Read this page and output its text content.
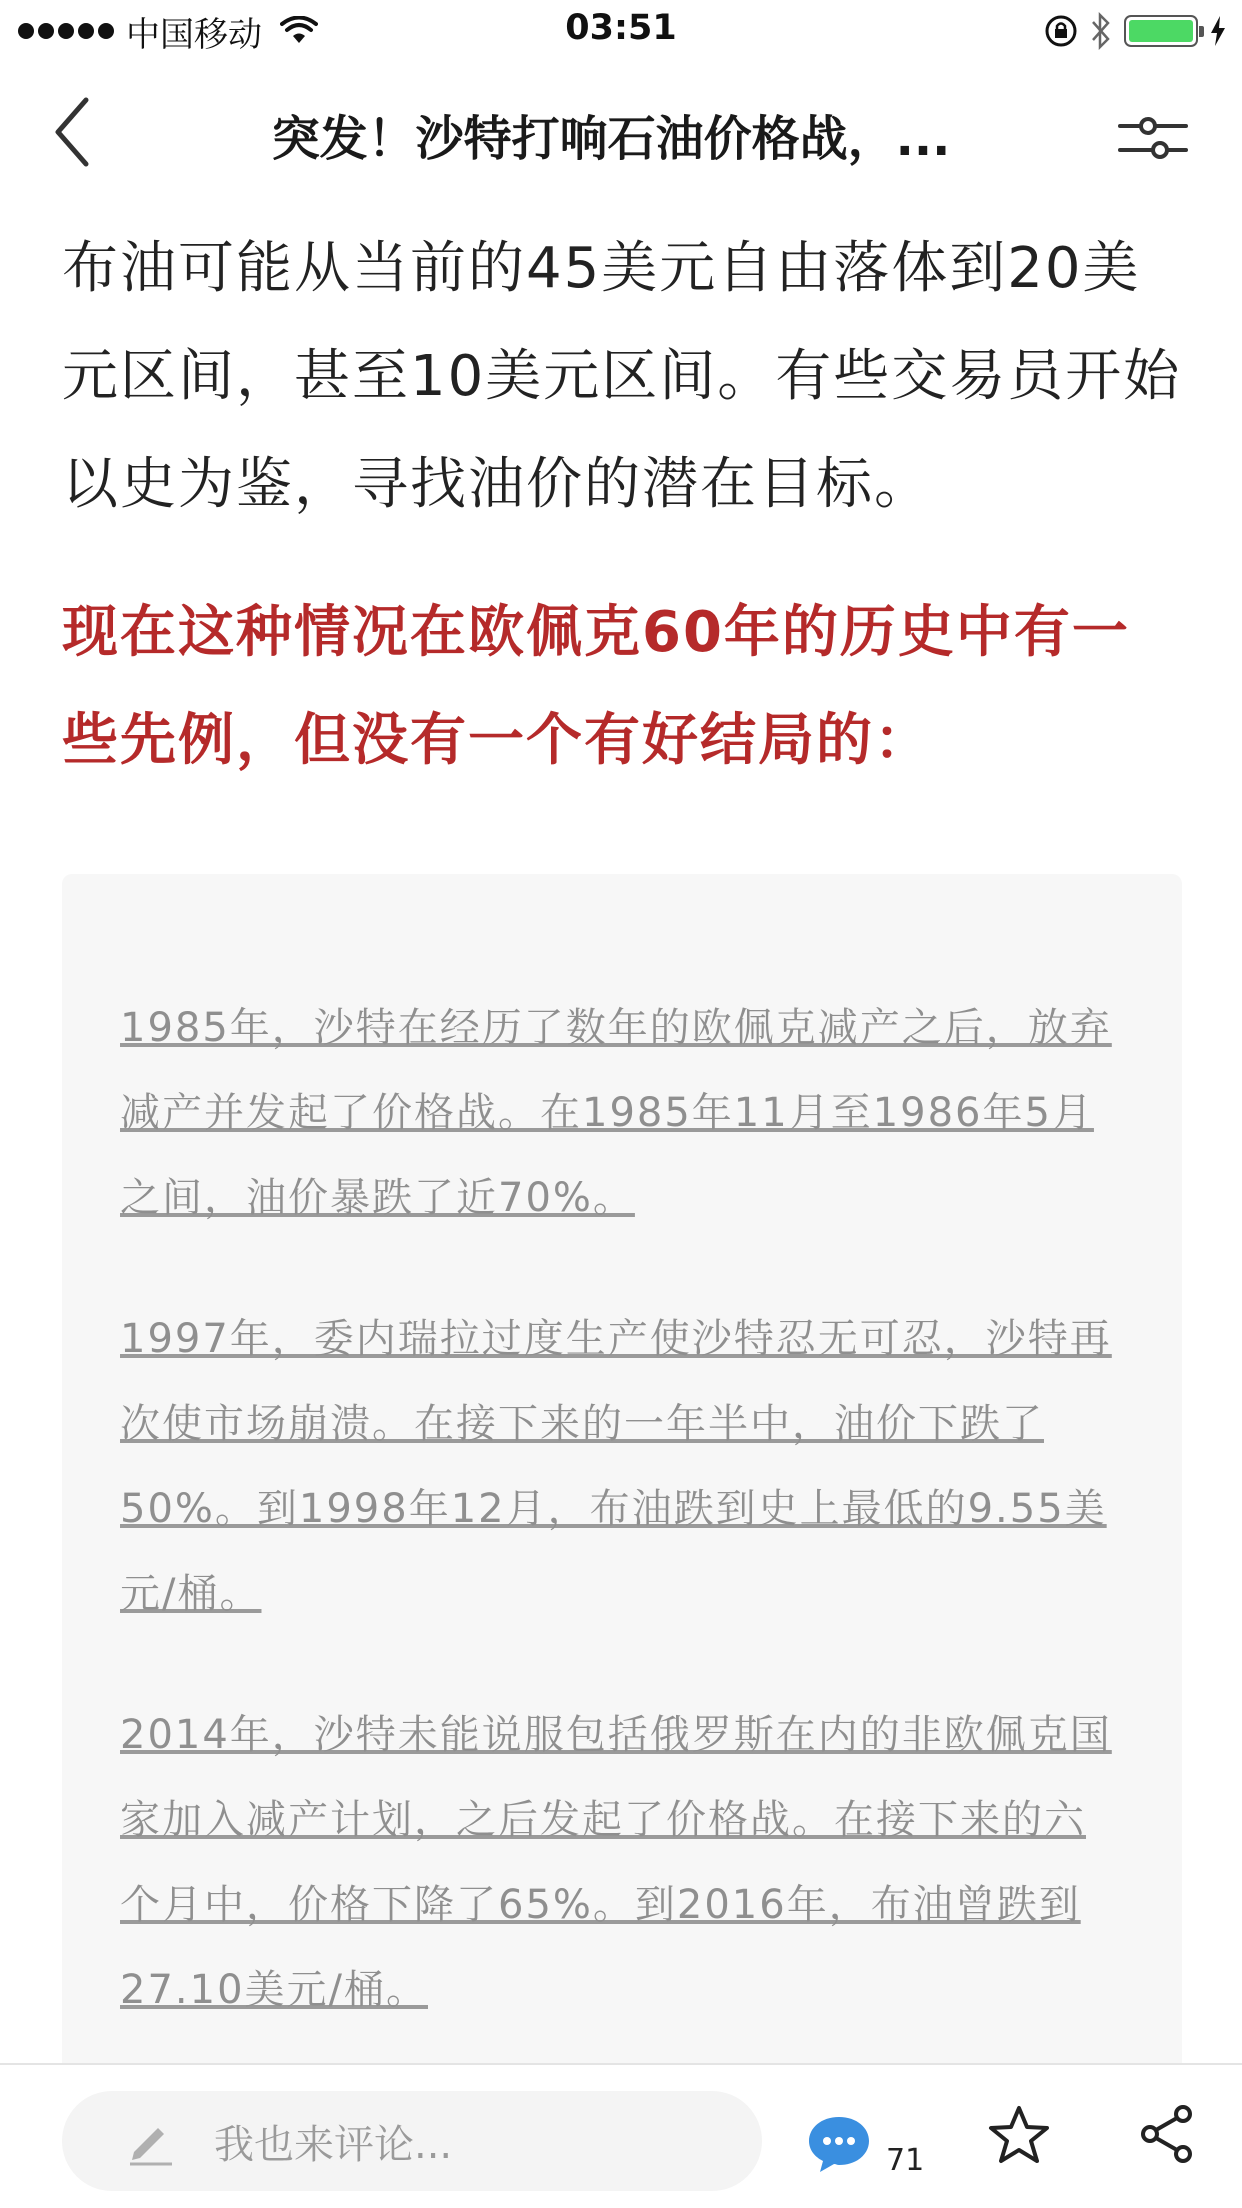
中国移动	03:51
突发！沙特打响石油价格战，...

布油可能从当前的45美元自由落体到20美元区间，甚至10美元区间。有些交易员开始以史为鉴，寻找油价的潜在目标。

现在这种情况在欧佩克60年的历史中有一些先例，但没有一个有好结局的：

1985年，沙特在经历了数年的欧佩克减产之后，放弃减产并发起了价格战。在1985年11月至1986年5月之间，油价暴跌了近70%。

1997年，委内瑞拉过度生产使沙特忍无可忍，沙特再次使市场崩溃。在接下来的一年半中，油价下跌了50%。到1998年12月，布油跌到史上最低的9.55美元/桶。

2014年，沙特未能说服包括俄罗斯在内的非欧佩克国家加入减产计划，之后发起了价格战。在接下来的六个月中，价格下降了65%。到2016年，布油曾跌到27.10美元/桶。

我也来评论...	71
